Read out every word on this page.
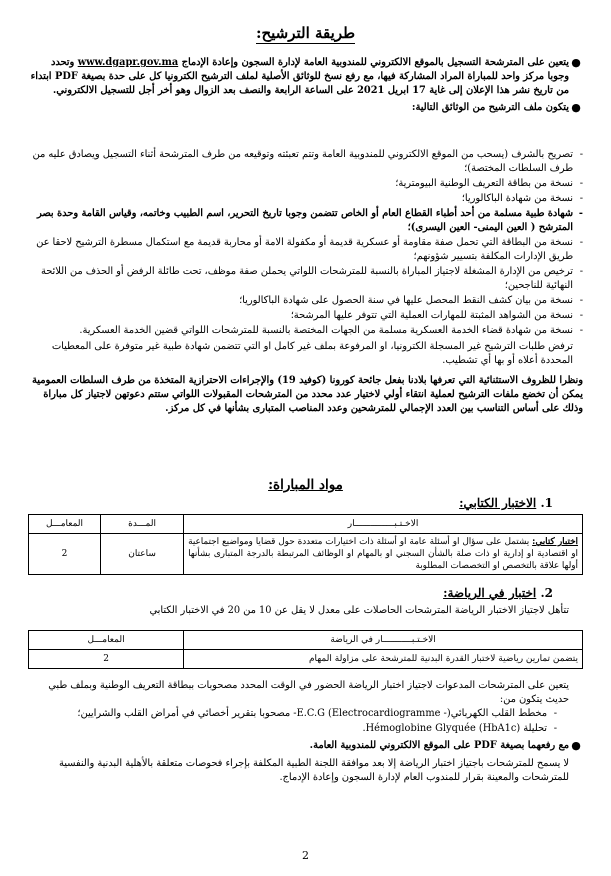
طريقة الترشيح:
●
يتعين على المترشحة التسجيل بالموقع الالكتروني للمندوبية العامة لإدارة السجون وإعادة الإدماج www.dgapr.gov.ma وتحدد وجوبا مركز واحد للمباراة المراد المشاركة فيها، مع رفع نسخ للوثائق الأصلية لملف الترشيح الكترونيا كل على حدة بصيغة PDF ابتداء من تاريخ نشر هذا الإعلان إلى غاية 17 ابريل 2021 على الساعة الرابعة والنصف بعد الزوال وهو أخر أجل للتسجيل الالكتروني.
●
يتكون ملف الترشيح من الوثائق التالية:
- تصريح بالشرف (يسحب من الموقع الالكتروني للمندوبية العامة وتتم تعبئته وتوقيعه من طرف المترشحة أثناء التسجيل ويصادق عليه من طرف السلطات المختصة)؛
- نسخة من بطاقة التعريف الوطنية البيومترية؛
- نسخة من شهادة الباكالوريا؛
- شهادة طبية مسلمة من أحد أطباء القطاع العام أو الخاص تتضمن وجوبا تاريخ التحرير، اسم الطبيب وخاتمه، وقياس القامة وحدة بصر المترشح ( العين اليمنى- العين اليسرى)؛
- نسخة من البطاقة التي تحمل صفة مقاومة أو عسكرية قديمة أو مكفولة الامة أو محاربة قديمة مع استكمال مسطرة الترشيح لاحقا عن طريق الإدارات المكلفة بتسيير شؤونهم؛
- ترخيص من الإدارة المشغلة لاجتياز المباراة بالنسبة للمترشحات اللواتي يحملن صفة موظف، تحت طائلة الرفض أو الحذف من اللائحة النهائية للناجحين؛
- نسخة من بيان كشف النقط المحصل عليها في سنة الحصول على شهادة الباكالوريا؛
- نسخة من الشواهد المثبتة للمهارات العملية التي تتوفر عليها المرشحة؛
- نسخة من شهادة قضاء الخدمة العسكرية مسلمة من الجهات المختصة بالنسبة للمترشحات اللواتي قضين الخدمة العسكرية.
ترفض طلبات الترشيح غير المسجلة الكترونيا، او المرفوعة بملف غير كامل او التي تتضمن شهادة طبية غير متوفرة على المعطيات المحددة أعلاه أو بها أي تشطيب.
ونظرا للظروف الاستثنائية التي تعرفها بلادنا بفعل جائحة كورونا (كوفيد 19) والإجراءات الاحترازية المتخذة من طرف السلطات العمومية يمكن أن تخضع ملفات الترشيح لعملية انتقاء أولي لاختيار عدد محدد من المترشحات المقبولات اللواتي ستتم دعوتهن لاجتياز كل مباراة وذلك على أساس التناسب بين العدد الإجمالي للمترشحين وعدد المناصب المتبارى بشأنها في كل مركز.
مواد المباراة:
1. الاختبار الكتابي:
الاخـتـبـــــــــــــــار	المـــدة	المعامـــل
اختبار كتابي: يشتمل على سؤال او أسئلة عامة او أسئلة ذات اختيارات متعددة حول قضايا ومواضيع اجتماعية او اقتصادية او إدارية او ذات صلة بالشأن السجني او بالمهام او الوظائف المرتبطة بالدرجة المتبارى بشأنها أولها علاقة بالتخصص او التخصصات المطلوبة	ساعتان	2
2. اختبار في الرياضة:
تتأهل لاجتياز الاختبار الرياضة المترشحات الحاصلات على معدل لا يقل عن 10 من 20 في الاختبار الكتابي
الاخـتـبـــــــــــار في الرياضة	المعامـــل
يتضمن تمارين رياضية لاختبار القدرة البدنية للمترشحة على مزاولة المهام	2
يتعين على المترشحات المدعوات لاجتياز اختبار الرياضة الحضور في الوقت المحدد مصحوبات ببطاقة التعريف الوطنية وبملف طبي حديث يتكون من:
- مخطط القلب الكهربائيE.C.G (Electrocardiogramme -)- مصحوبا بتقرير أخصائي في أمراض القلب والشرايين؛
- تحليلة (Hémoglobine Glyquée (HbA1c.
●
مع رفعهما بصيغة PDF على الموقع الالكتروني للمندوبية العامة.
لا يسمح للمترشحات باجتياز اختبار الرياضة إلا بعد موافقة اللجنة الطبية المكلفة بإجراء فحوصات متعلقة بالأهلية البدنية والنفسية للمترشحات والمعينة بقرار للمندوب العام لإدارة السجون وإعادة الإدماج.
2
